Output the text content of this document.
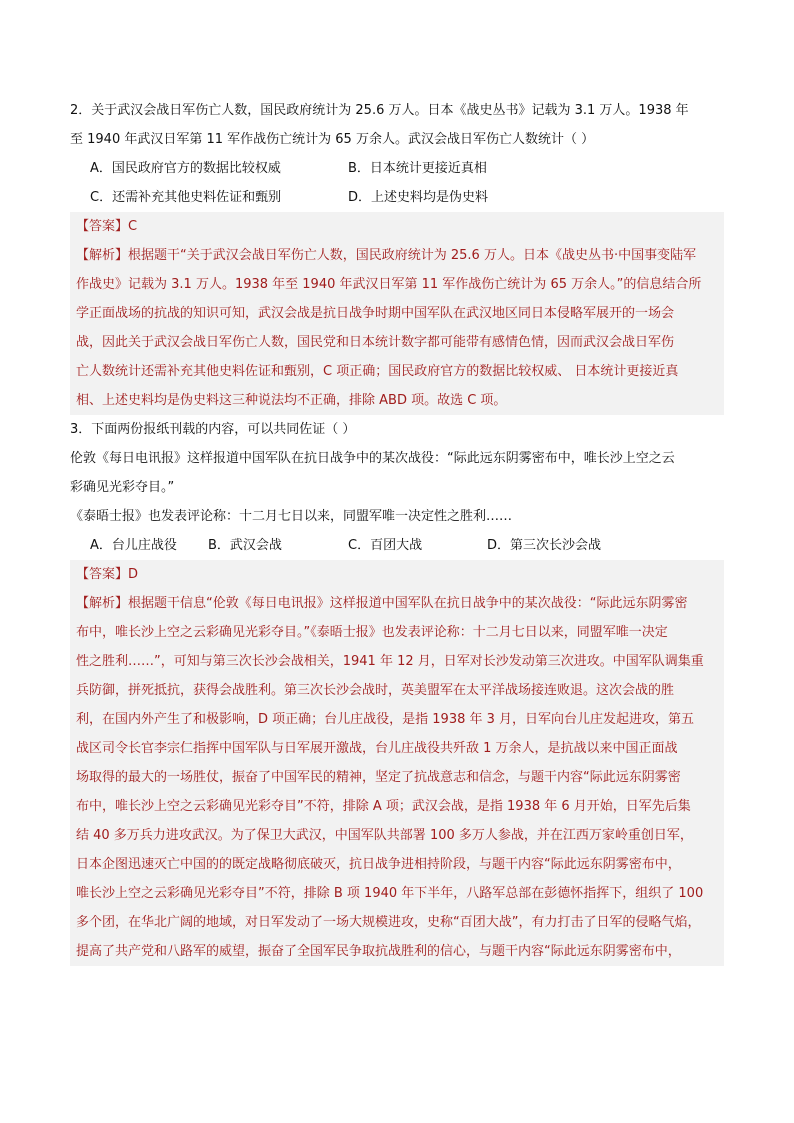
2．关于武汉会战日军伤亡人数，国民政府统计为 25.6 万人。日本《战史丛书》记载为 3.1 万人。1938 年
至 1940 年武汉日军第 11 军作战伤亡统计为 65 万余人。武汉会战日军伤亡人数统计（ ）
A．国民政府官方的数据比较权威	B．日本统计更接近真相
C．还需补充其他史料佐证和甄别	D．上述史料均是伪史料
【答案】C
【解析】根据题干“关于武汉会战日军伤亡人数，国民政府统计为 25.6 万人。日本《战史丛书·中国事变陆军
作战史》记载为 3.1 万人。1938 年至 1940 年武汉日军第 11 军作战伤亡统计为 65 万余人。”的信息结合所
学正面战场的抗战的知识可知，武汉会战是抗日战争时期中国军队在武汉地区同日本侵略军展开的一场会
战，因此关于武汉会战日军伤亡人数，国民党和日本统计数字都可能带有感情色情，因而武汉会战日军伤
亡人数统计还需补充其他史料佐证和甄别，C 项正确；国民政府官方的数据比较权威、 日本统计更接近真
相、上述史料均是伪史料这三种说法均不正确，排除 ABD 项。故选 C 项。
3．下面两份报纸刊载的内容，可以共同佐证（ ）
伦敦《每日电讯报》这样报道中国军队在抗日战争中的某次战役：“际此远东阴雾密布中，唯长沙上空之云
彩确见光彩夺目。”
《泰晤士报》也发表评论称：十二月七日以来，同盟军唯一决定性之胜利……
A．台儿庄战役 B．武汉会战	C．百团大战	D．第三次长沙会战
【答案】D
【解析】根据题干信息“伦敦《每日电讯报》这样报道中国军队在抗日战争中的某次战役：“际此远东阴雾密
布中，唯长沙上空之云彩确见光彩夺目。”《泰晤士报》也发表评论称：十二月七日以来，同盟军唯一决定
性之胜利……”，可知与第三次长沙会战相关，1941 年 12 月，日军对长沙发动第三次进攻。中国军队调集重
兵防御，拼死抵抗，获得会战胜利。第三次长沙会战时，英美盟军在太平洋战场接连败退。这次会战的胜
利，在国内外产生了和极影响，D 项正确；台儿庄战役，是指 1938 年 3 月，日军向台儿庄发起进攻，第五
战区司令长官李宗仁指挥中国军队与日军展开激战，台儿庄战役共歼敌 1 万余人，是抗战以来中国正面战
场取得的最大的一场胜仗，振奋了中国军民的精神，坚定了抗战意志和信念，与题干内容“际此远东阴雾密
布中，唯长沙上空之云彩确见光彩夺目”不符，排除 A 项；武汉会战，是指 1938 年 6 月开始，日军先后集
结 40 多万兵力进攻武汉。为了保卫大武汉，中国军队共部署 100 多万人参战，并在江西万家岭重创日军，
日本企图迅速灭亡中国的的既定战略彻底破灭，抗日战争进相持阶段，与题干内容“际此远东阴雾密布中，
唯长沙上空之云彩确见光彩夺目”不符，排除 B 项 1940 年下半年，八路军总部在彭德怀指挥下，组织了 100
多个团，在华北广阔的地域，对日军发动了一场大规模进攻，史称“百团大战”，有力打击了日军的侵略气焰，
提高了共产党和八路军的威望，振奋了全国军民争取抗战胜利的信心，与题干内容“际此远东阴雾密布中，
